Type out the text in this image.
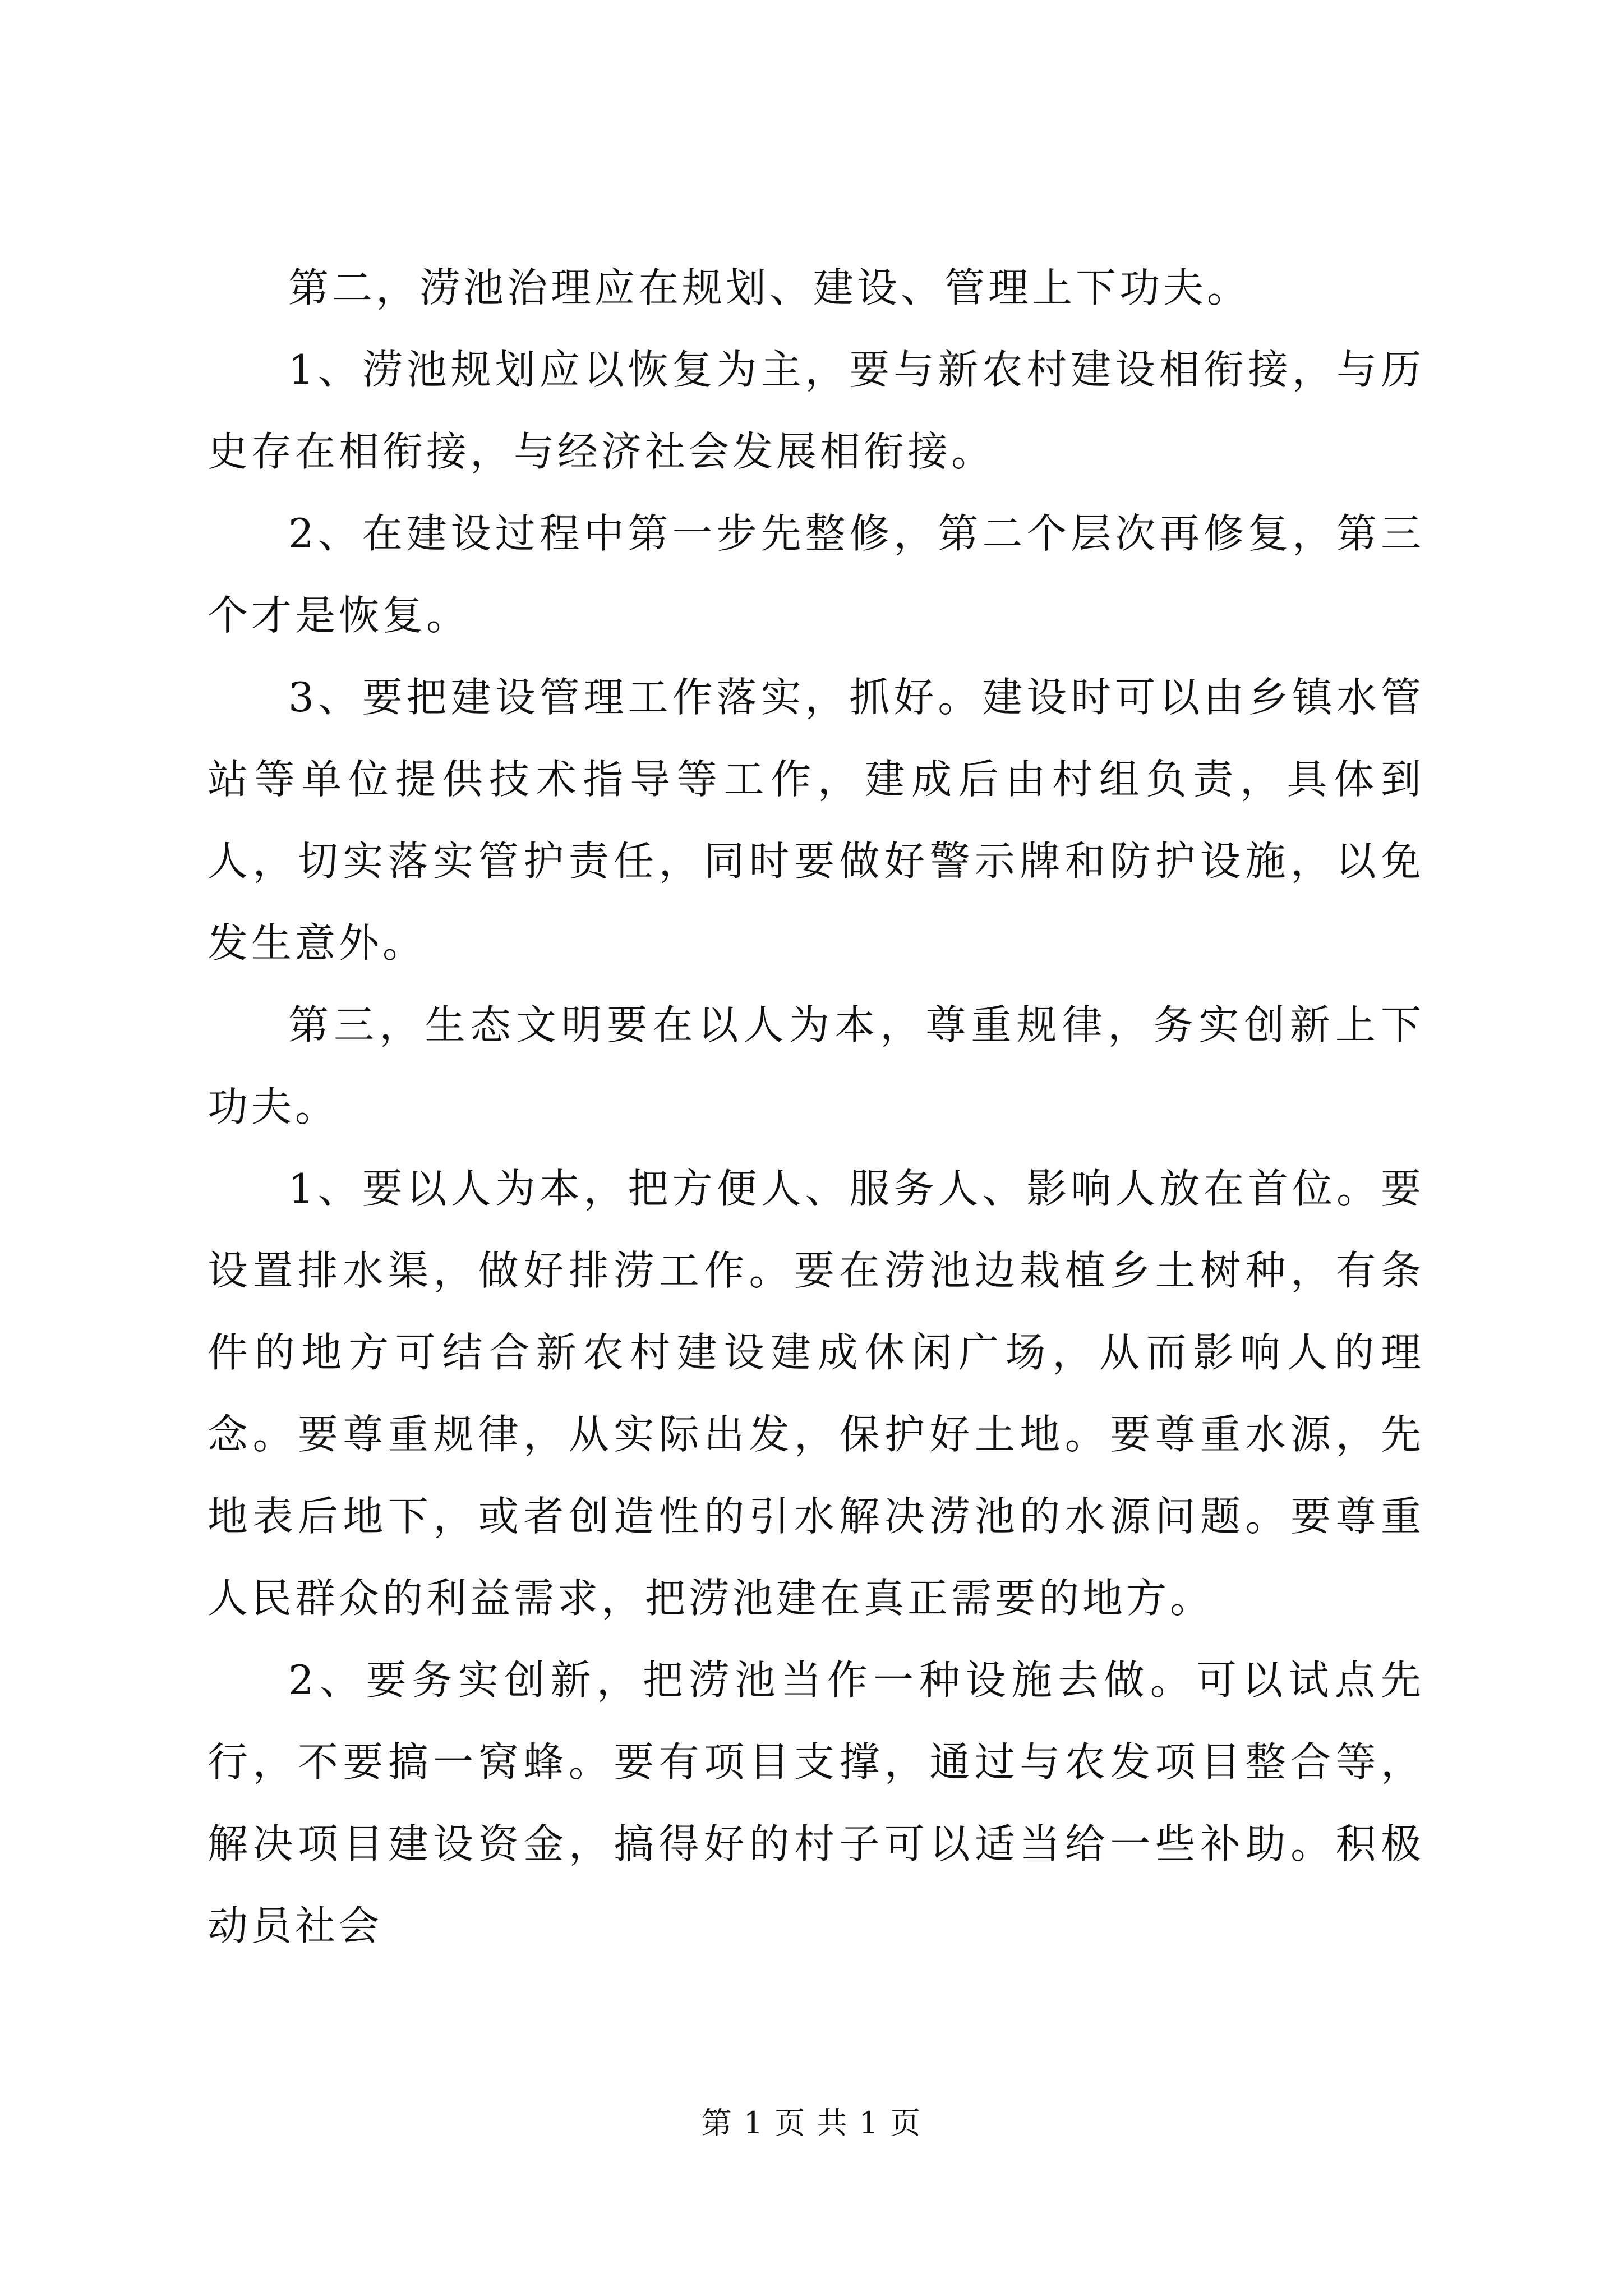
第二，涝池治理应在规划、建设、管理上下功夫。

1、涝池规划应以恢复为主，要与新农村建设相衔接，与历史存在相衔接，与经济社会发展相衔接。

2、在建设过程中第一步先整修，第二个层次再修复，第三个才是恢复。

3、要把建设管理工作落实，抓好。建设时可以由乡镇水管站等单位提供技术指导等工作，建成后由村组负责，具体到人，切实落实管护责任，同时要做好警示牌和防护设施，以免发生意外。

第三，生态文明要在以人为本，尊重规律，务实创新上下功夫。

1、要以人为本，把方便人、服务人、影响人放在首位。要设置排水渠，做好排涝工作。要在涝池边栽植乡土树种，有条件的地方可结合新农村建设建成休闲广场，从而影响人的理念。要尊重规律，从实际出发，保护好土地。要尊重水源，先地表后地下，或者创造性的引水解决涝池的水源问题。要尊重人民群众的利益需求，把涝池建在真正需要的地方。

2、要务实创新，把涝池当作一种设施去做。可以试点先行，不要搞一窝蜂。要有项目支撑，通过与农发项目整合等，解决项目建设资金，搞得好的村子可以适当给一些补助。积极动员社会

第 1 页 共 1 页
